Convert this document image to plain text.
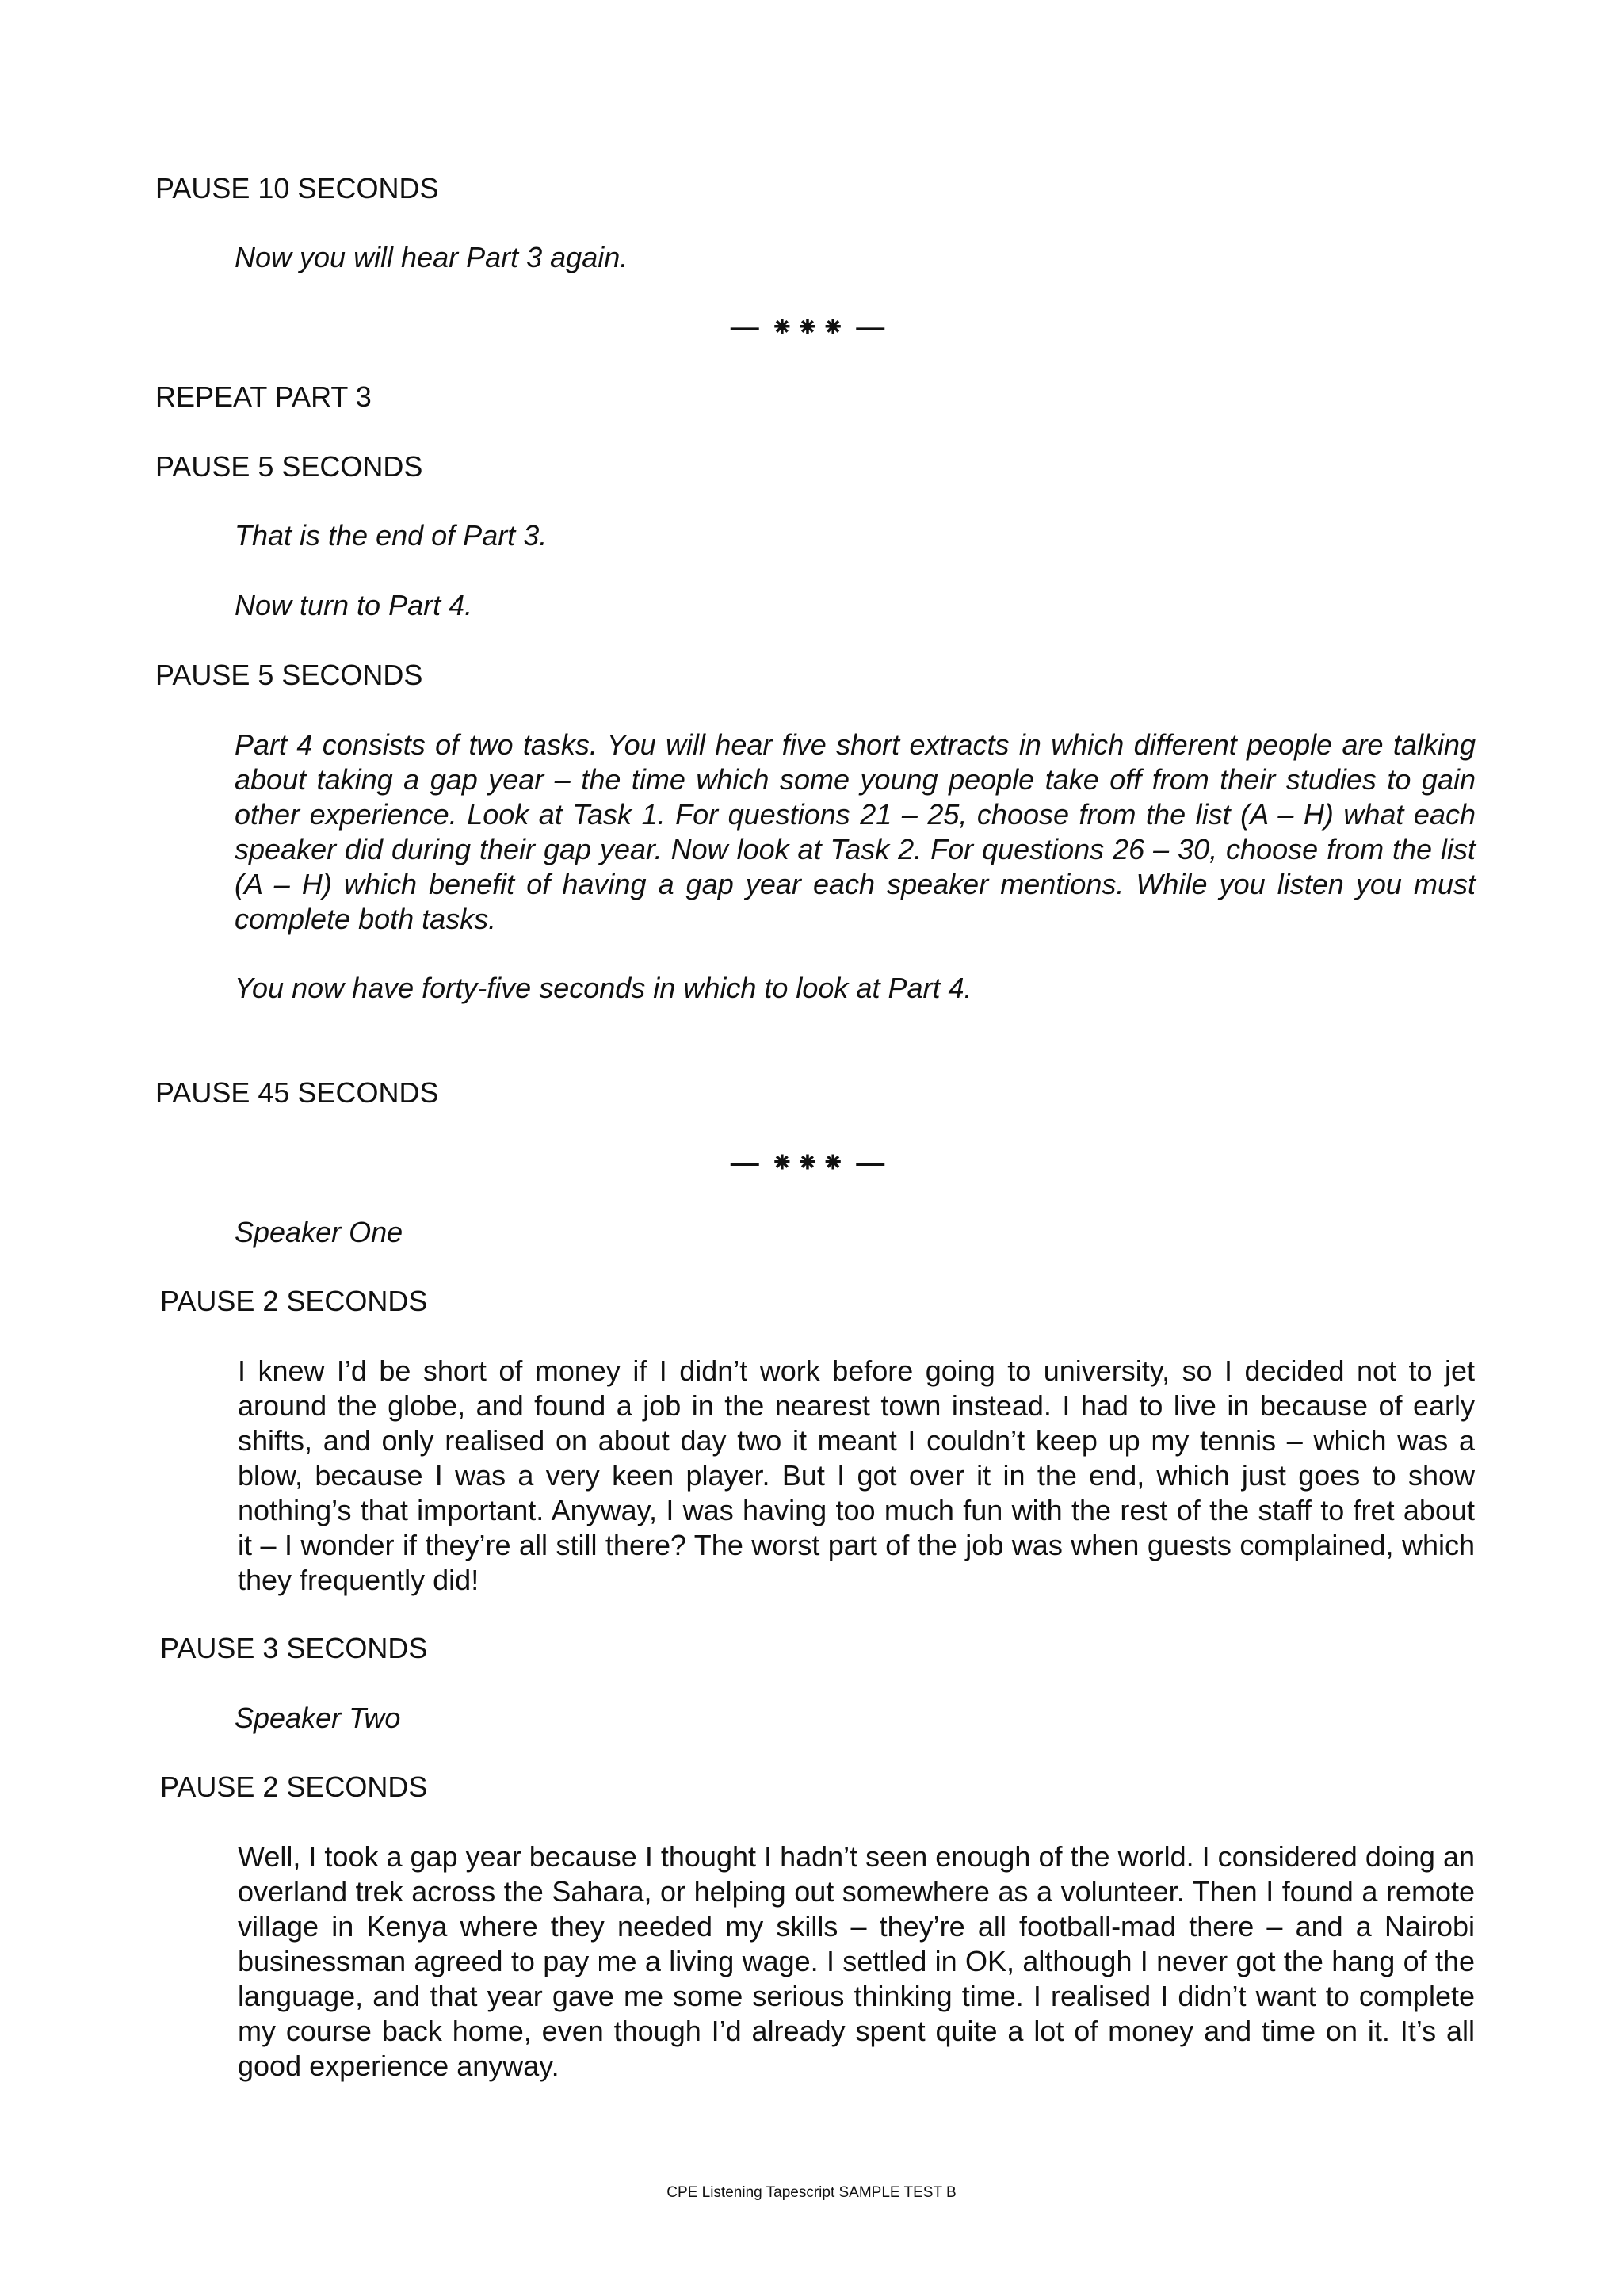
PAUSE 10 SECONDS
Now you will hear Part 3 again.
— ⁕⁕⁕ —
REPEAT PART 3
PAUSE 5 SECONDS
That is the end of Part 3.
Now turn to Part 4.
PAUSE 5 SECONDS
Part 4 consists of two tasks. You will hear five short extracts in which different people are talking about taking a gap year – the time which some young people take off from their studies to gain other experience. Look at Task 1. For questions 21 – 25, choose from the list (A – H) what each speaker did during their gap year. Now look at Task 2. For questions 26 – 30, choose from the list (A – H) which benefit of having a gap year each speaker mentions. While you listen you must complete both tasks.
You now have forty-five seconds in which to look at Part 4.
PAUSE 45 SECONDS
— ⁕⁕⁕ —
Speaker One
PAUSE 2 SECONDS
I knew I’d be short of money if I didn’t work before going to university, so I decided not to jet around the globe, and found a job in the nearest town instead. I had to live in because of early shifts, and only realised on about day two it meant I couldn’t keep up my tennis – which was a blow, because I was a very keen player. But I got over it in the end, which just goes to show nothing’s that important. Anyway, I was having too much fun with the rest of the staff to fret about it – I wonder if they’re all still there? The worst part of the job was when guests complained, which they frequently did!
PAUSE 3 SECONDS
Speaker Two
PAUSE 2 SECONDS
Well, I took a gap year because I thought I hadn’t seen enough of the world. I considered doing an overland trek across the Sahara, or helping out somewhere as a volunteer. Then I found a remote village in Kenya where they needed my skills – they’re all football-mad there – and a Nairobi businessman agreed to pay me a living wage. I settled in OK, although I never got the hang of the language, and that year gave me some serious thinking time. I realised I didn’t want to complete my course back home, even though I’d already spent quite a lot of money and time on it. It’s all good experience anyway.
CPE Listening Tapescript SAMPLE TEST B
